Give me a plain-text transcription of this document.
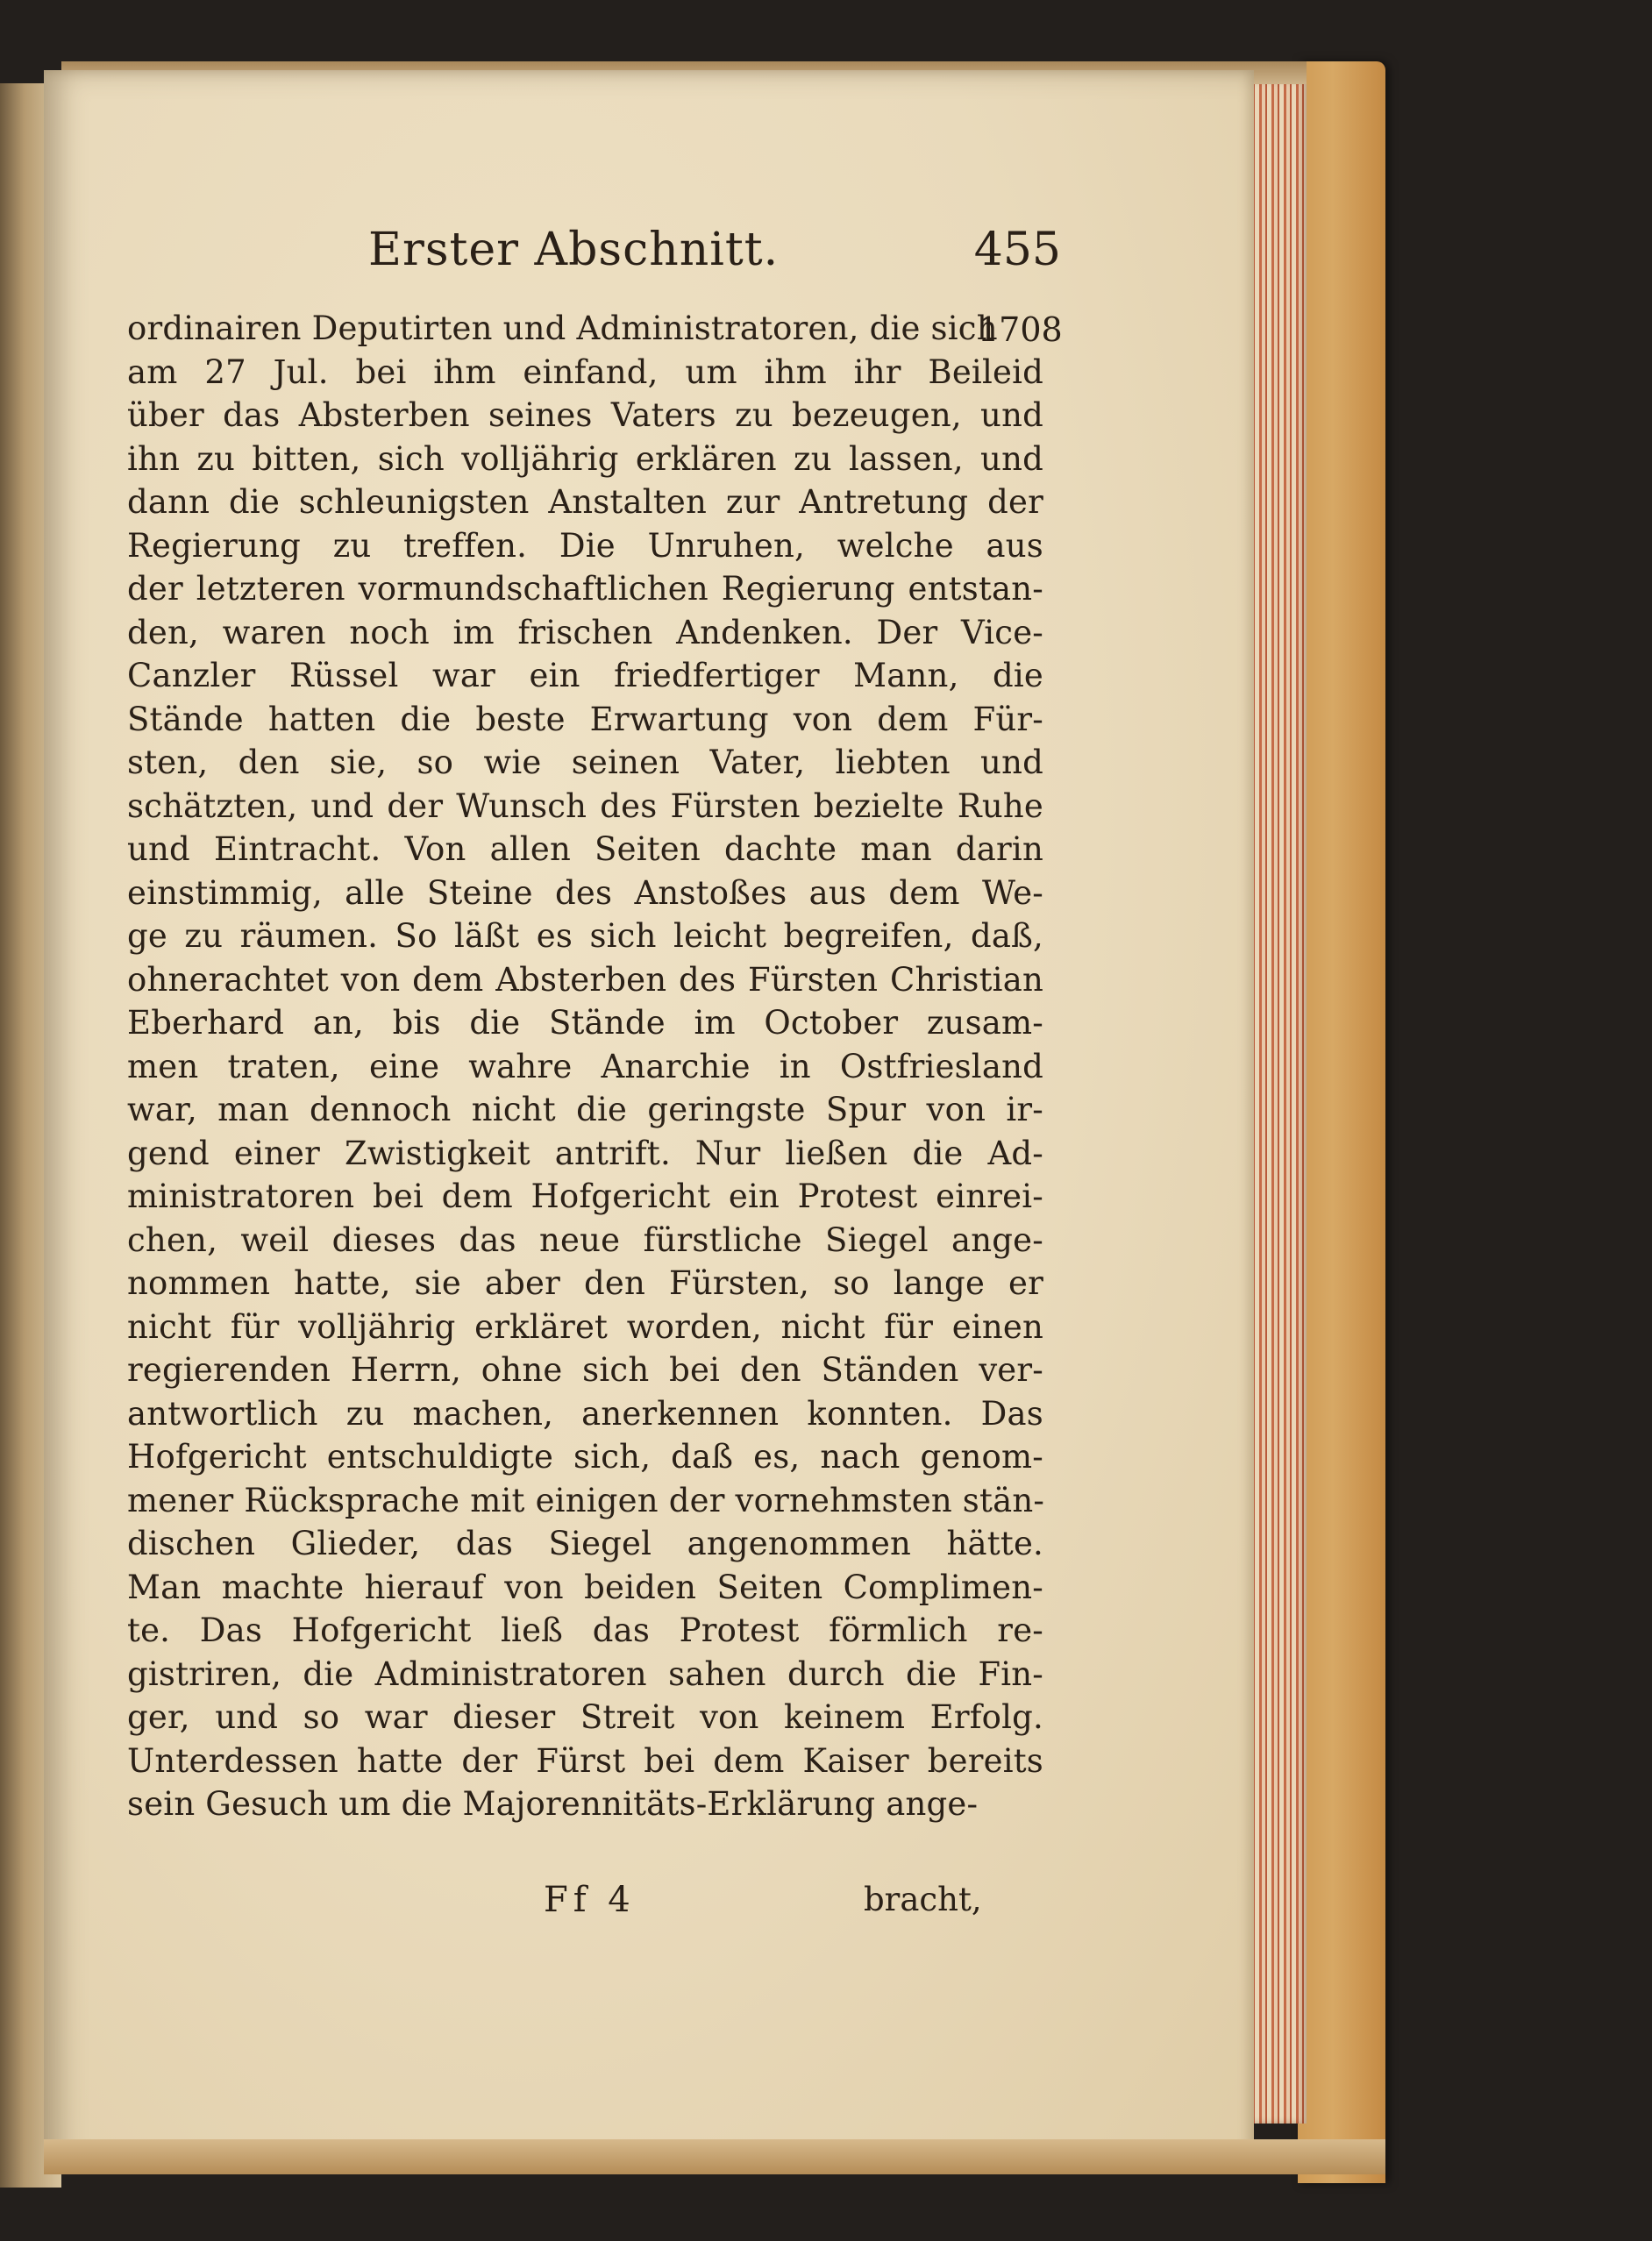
Erster Abschnitt.	455
1708
ordinairen Deputirten und Administratoren, die sich
am 27 Jul. bei ihm einfand, um ihm ihr Beileid
über das Absterben seines Vaters zu bezeugen, und
ihn zu bitten, sich volljährig erklären zu lassen, und
dann die schleunigsten Anstalten zur Antretung der
Regierung zu treffen. Die Unruhen, welche aus
der letzteren vormundschaftlichen Regierung entstan-
den, waren noch im frischen Andenken. Der Vice-
Canzler Rüssel war ein friedfertiger Mann, die
Stände hatten die beste Erwartung von dem Für-
sten, den sie, so wie seinen Vater, liebten und
schätzten, und der Wunsch des Fürsten bezielte Ruhe
und Eintracht. Von allen Seiten dachte man darin
einstimmig, alle Steine des Anstoßes aus dem We-
ge zu räumen. So läßt es sich leicht begreifen, daß,
ohnerachtet von dem Absterben des Fürsten Christian
Eberhard an, bis die Stände im October zusam-
men traten, eine wahre Anarchie in Ostfriesland
war, man dennoch nicht die geringste Spur von ir-
gend einer Zwistigkeit antrift. Nur ließen die Ad-
ministratoren bei dem Hofgericht ein Protest einrei-
chen, weil dieses das neue fürstliche Siegel ange-
nommen hatte, sie aber den Fürsten, so lange er
nicht für volljährig erkläret worden, nicht für einen
regierenden Herrn, ohne sich bei den Ständen ver-
antwortlich zu machen, anerkennen konnten. Das
Hofgericht entschuldigte sich, daß es, nach genom-
mener Rücksprache mit einigen der vornehmsten stän-
dischen Glieder, das Siegel angenommen hätte.
Man machte hierauf von beiden Seiten Complimen-
te. Das Hofgericht ließ das Protest förmlich re-
gistriren, die Administratoren sahen durch die Fin-
ger, und so war dieser Streit von keinem Erfolg.
Unterdessen hatte der Fürst bei dem Kaiser bereits
sein Gesuch um die Majorennitäts-Erklärung ange-
Ff 4	bracht,
